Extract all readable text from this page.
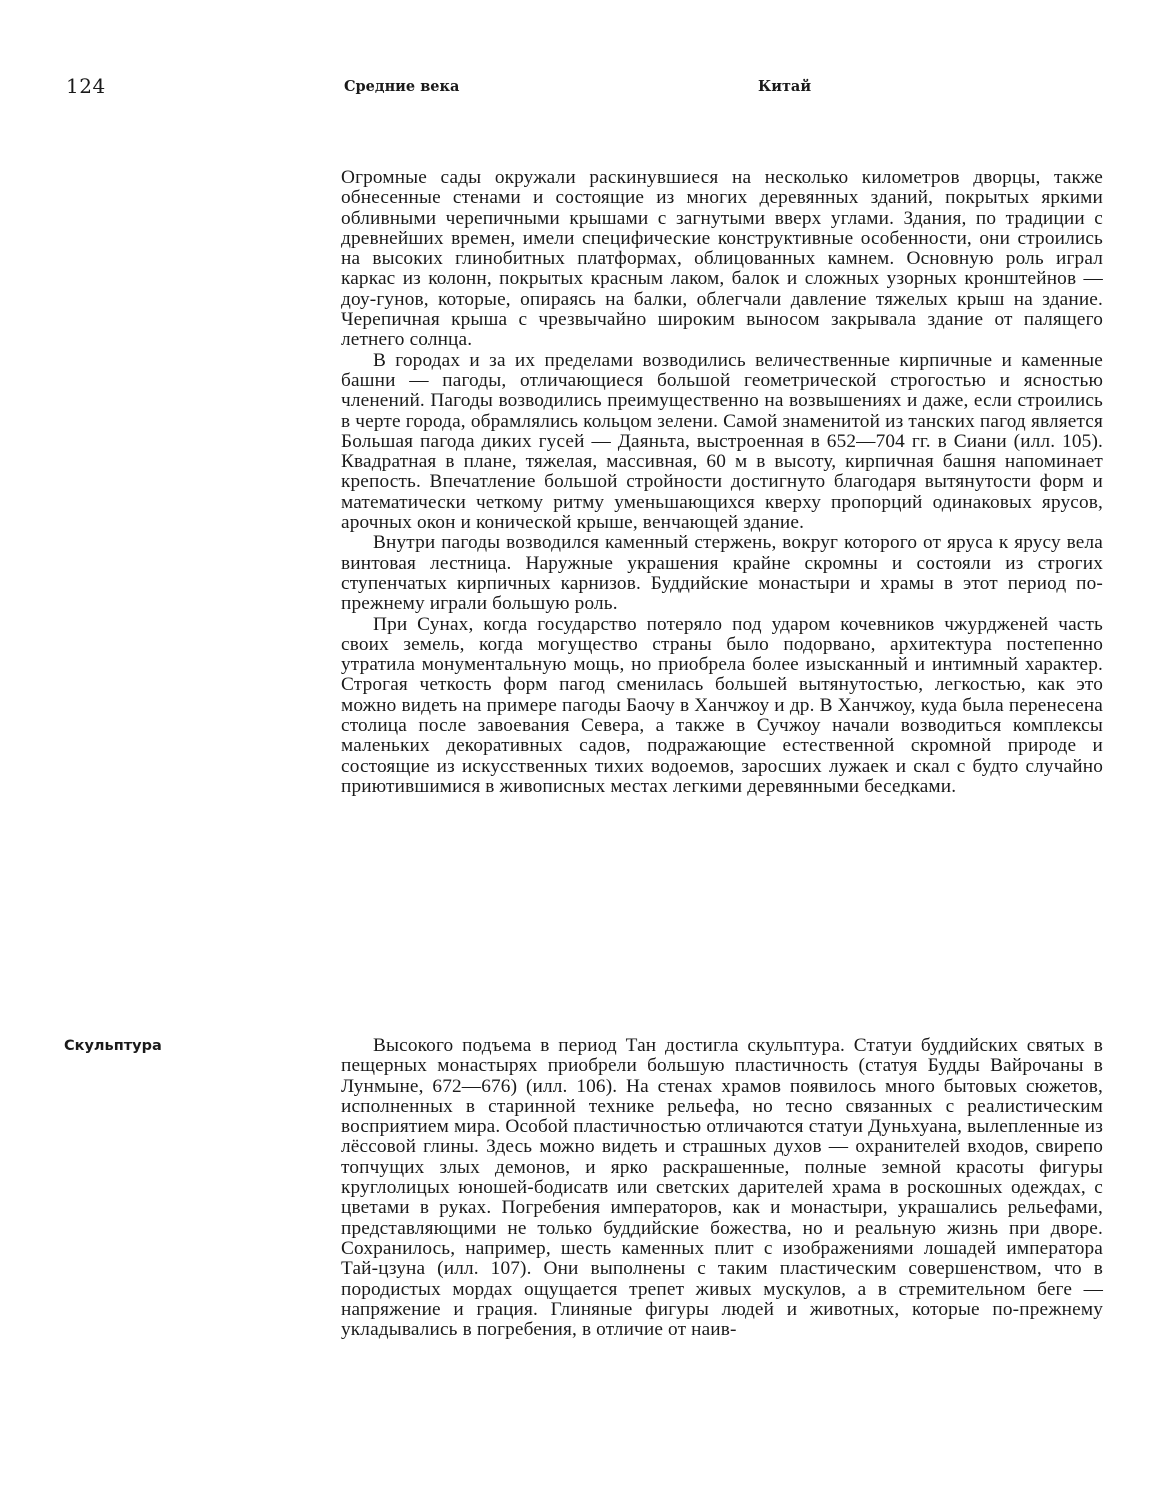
124	Средние века	Китай

Огромные сады окружали раскинувшиеся на несколько километров дворцы, также обнесенные стенами и состоящие из многих деревянных зданий, покрытых яркими обливными черепичными крышами с загнутыми вверх углами. Здания, по традиции с древнейших времен, имели специфические конструктивные особенности, они строились на высоких глинобитных платформах, облицованных камнем. Основную роль играл каркас из колонн, покрытых красным лаком, балок и сложных узорных кронштейнов — доу-гунов, которые, опираясь на балки, облегчали давление тяжелых крыш на здание. Черепичная крыша с чрезвычайно широким выносом закрывала здание от палящего летнего солнца.

В городах и за их пределами возводились величественные кирпичные и каменные башни — пагоды, отличающиеся большой геометрической строгостью и ясностью членений. Пагоды возводились преимущественно на возвышениях и даже, если строились в черте города, обрамлялись кольцом зелени. Самой знаменитой из танских пагод является Большая пагода диких гусей — Даяньта, выстроенная в 652—704 гг. в Сиани (илл. 105). Квадратная в плане, тяжелая, массивная, 60 м в высоту, кирпичная башня напоминает крепость. Впечатление большой стройности достигнуто благодаря вытянутости форм и математически четкому ритму уменьшающихся кверху пропорций одинаковых ярусов, арочных окон и конической крыше, венчающей здание.

Внутри пагоды возводился каменный стержень, вокруг которого от яруса к ярусу вела винтовая лестница. Наружные украшения крайне скромны и состояли из строгих ступенчатых кирпичных карнизов. Буддийские монастыри и храмы в этот период по-прежнему играли большую роль.

При Сунах, когда государство потеряло под ударом кочевников чжурдженей часть своих земель, когда могущество страны было подорвано, архитектура постепенно утратила монументальную мощь, но приобрела более изысканный и интимный характер. Строгая четкость форм пагод сменилась большей вытянутостью, легкостью, как это можно видеть на примере пагоды Баочу в Ханчжоу и др. В Ханчжоу, куда была перенесена столица после завоевания Севера, а также в Сучжоу начали возводиться комплексы маленьких декоративных садов, подражающие естественной скромной природе и состоящие из искусственных тихих водоемов, заросших лужаек и скал с будто случайно приютившимися в живописных местах легкими деревянными беседками.

Скульптура	Высокого подъема в период Тан достигла скульптура. Статуи буддийских святых в пещерных монастырях приобрели большую пластичность (статуя Будды Вайрочаны в Лунмыне, 672—676) (илл. 106). На стенах храмов появилось много бытовых сюжетов, исполненных в старинной технике рельефа, но тесно связанных с реалистическим восприятием мира. Особой пластичностью отличаются статуи Дуньхуана, вылепленные из лёссовой глины. Здесь можно видеть и страшных духов — охранителей входов, свирепо топчущих злых демонов, и ярко раскрашенные, полные земной красоты фигуры круглолицых юношей-бодисатв или светских дарителей храма в роскошных одеждах, с цветами в руках. Погребения императоров, как и монастыри, украшались рельефами, представляющими не только буддийские божества, но и реальную жизнь при дворе. Сохранилось, например, шесть каменных плит с изображениями лошадей императора Тай-цзуна (илл. 107). Они выполнены с таким пластическим совершенством, что в породистых мордах ощущается трепет живых мускулов, а в стремительном беге — напряжение и грация. Глиняные фигуры людей и животных, которые по-прежнему укладывались в погребения, в отличие от наив-
